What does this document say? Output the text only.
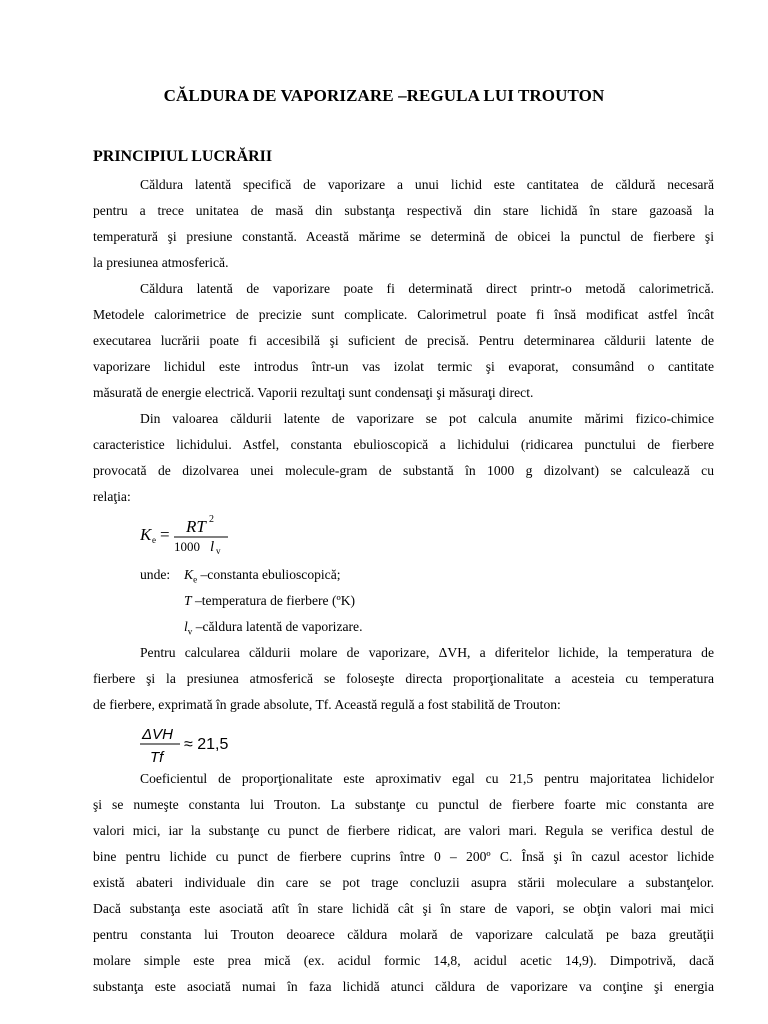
CĂLDURA DE VAPORIZARE –REGULA LUI TROUTON
PRINCIPIUL LUCRĂRII
Căldura latentă specifică de vaporizare a unui lichid este cantitatea de căldură necesară
pentru a trece unitatea de masă din substanţa respectivă din stare lichidă în stare gazoasă la
temperatură şi presiune constantă. Această mărime se determină de obicei la punctul de fierbere şi
la presiunea atmosferică.
Căldura latentă de vaporizare poate fi determinată direct printr-o metodă calorimetrică.
Metodele calorimetrice de precizie sunt complicate. Calorimetrul poate fi însă modificat astfel încât
executarea lucrării poate fi accesibilă şi suficient de precisă. Pentru determinarea căldurii latente de
vaporizare lichidul este introdus într-un vas izolat termic şi evaporat, consumând o cantitate
măsurată de energie electrică. Vaporii rezultaţi sunt condensaţi şi măsuraţi direct.
Din valoarea căldurii latente de vaporizare se pot calcula anumite mărimi fizico-chimice
caracteristice lichidului. Astfel, constanta ebulioscopică a lichidului (ridicarea punctului de fierbere
provocată de dizolvarea unei molecule-gram de substantă în 1000 g dizolvant) se calculează cu
relaţia:
K e = RT 2
1000 l v
unde: $K_e$ –constanta ebulioscopică;
T –temperatura de fierbere (ºK)
$l_v$ –căldura latentă de vaporizare.
Pentru calcularea căldurii molare de vaporizare, ΔVH, a diferitelor lichide, la temperatura de
fierbere şi la presiunea atmosferică se foloseşte directa proporţionalitate a acesteia cu temperatura
de fierbere, exprimată în grade absolute, Tf. Această regulă a fost stabilită de Trouton:
ΔVH
Tf
≈ 21,5
Coeficientul de proporţionalitate este aproximativ egal cu 21,5 pentru majoritatea lichidelor
şi se numeşte constanta lui Trouton. La substanţe cu punctul de fierbere foarte mic constanta are
valori mici, iar la substanţe cu punct de fierbere ridicat, are valori mari. Regula se verifica destul de
bine pentru lichide cu punct de fierbere cuprins între 0 – 200º C. Însă şi în cazul acestor lichide
există abateri individuale din care se pot trage concluzii asupra stării moleculare a substanţelor.
Dacă substanţa este asociată atît în stare lichidă cât şi în stare de vapori, se obţin valori mai mici
pentru constanta lui Trouton deoarece căldura molară de vaporizare calculată pe baza greutăţii
molare simple este prea mică (ex. acidul formic 14,8, acidul acetic 14,9). Dimpotrivă, dacă
substanţa este asociată numai în faza lichidă atunci căldura de vaporizare va conţine şi energia
